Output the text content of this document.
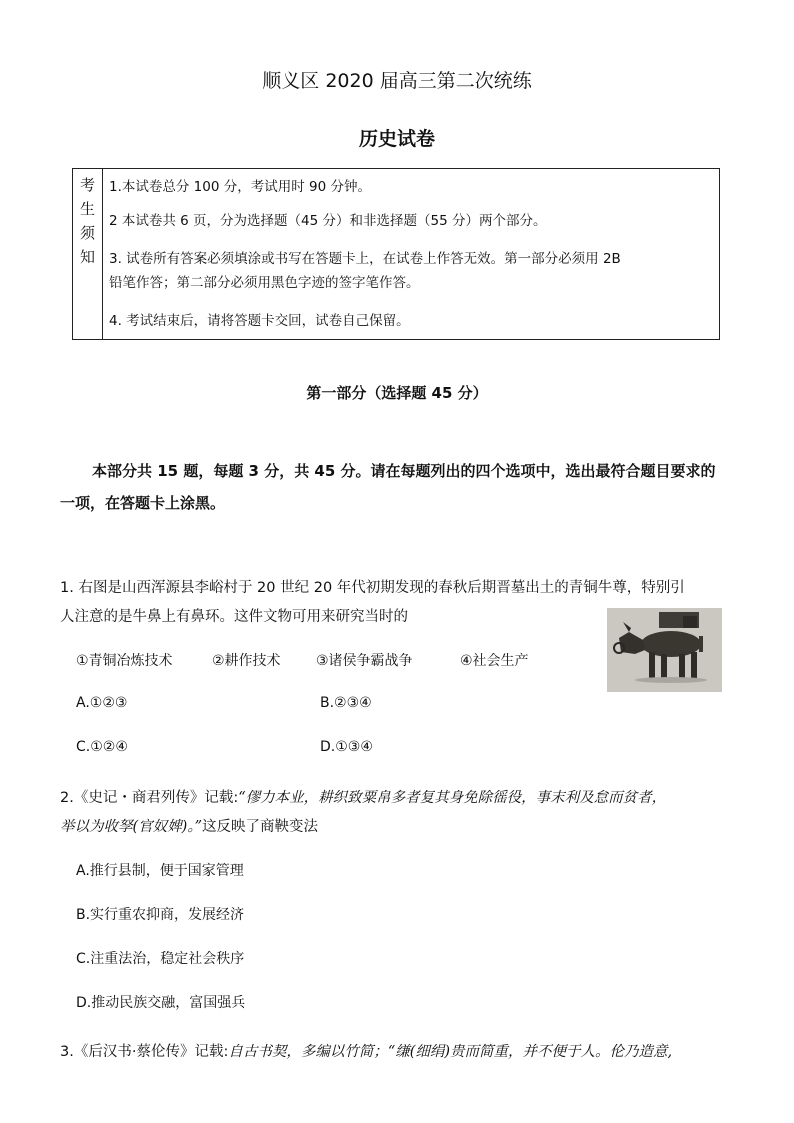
顺义区 2020 届高三第二次统练
历史试卷
考
生
须
知
1.本试卷总分 100 分，考试用时 90 分钟。
2 本试卷共 6 页，分为选择题（45 分）和非选择题（55 分）两个部分。
3. 试卷所有答案必须填涂或书写在答题卡上，在试卷上作答无效。第一部分必须用 2B
铅笔作答；第二部分必须用黑色字迹的签字笔作答。
4. 考试结束后，请将答题卡交回，试卷自己保留。
第一部分（选择题 45 分）
本部分共 15 题，每题 3 分，共 45 分。请在每题列出的四个选项中，选出最符合题目要求的
一项，在答题卡上涂黑。
1. 右图是山西浑源县李峪村于 20 世纪 20 年代初期发现的春秋后期晋墓出土的青铜牛尊，特别引
人注意的是牛鼻上有鼻环。这件文物可用来研究当时的
①青铜冶炼技术	②耕作技术	③诸侯争霸战争	④社会生产
A.①②③	B.②③④
C.①②④	D.①③④
2.《史记・商君列传》记载:“僇力本业，耕织致粟帛多者复其身免除徭役，事末利及怠而贫者，
举以为收孥(官奴婢)。”这反映了商鞅变法
A.推行县制，便于国家管理
B.实行重农抑商，发展经济
C.注重法治，稳定社会秩序
D.推动民族交融，富国强兵
3.《后汉书·蔡伦传》记载:自古书契，多编以竹简；“缣(细绢)贵而简重，并不便于人。伦乃造意,
